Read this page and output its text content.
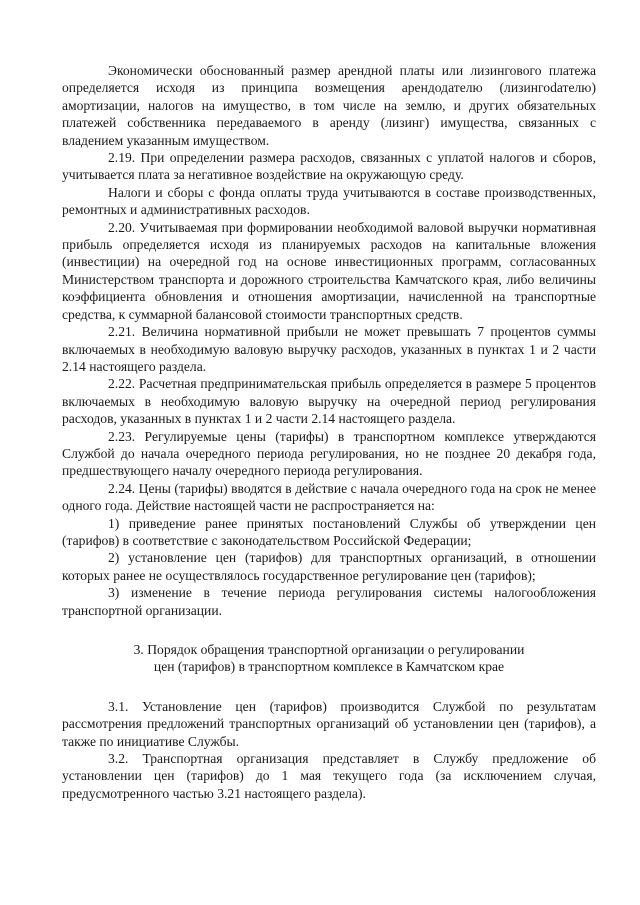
Экономически обоснованный размер арендной платы или лизингового платежа определяется исходя из принципа возмещения арендодателю (лизингоdателю) амортизации, налогов на имущество, в том числе на землю, и других обязательных платежей собственника передаваемого в аренду (лизинг) имущества, связанных с владением указанным имуществом.

2.19. При определении размера расходов, связанных с уплатой налогов и сборов, учитывается плата за негативное воздействие на окружающую среду.

Налоги и сборы с фонда оплаты труда учитываются в составе производственных, ремонтных и административных расходов.

2.20. Учитываемая при формировании необходимой валовой выручки нормативная прибыль определяется исходя из планируемых расходов на капитальные вложения (инвестиции) на очередной год на основе инвестиционных программ, согласованных Министерством транспорта и дорожного строительства Камчатского края, либо величины коэффициента обновления и отношения амортизации, начисленной на транспортные средства, к суммарной балансовой стоимости транспортных средств.

2.21. Величина нормативной прибыли не может превышать 7 процентов суммы включаемых в необходимую валовую выручку расходов, указанных в пунктах 1 и 2 части 2.14 настоящего раздела.

2.22. Расчетная предпринимательская прибыль определяется в размере 5 процентов включаемых в необходимую валовую выручку на очередной период регулирования расходов, указанных в пунктах 1 и 2 части 2.14 настоящего раздела.

2.23. Регулируемые цены (тарифы) в транспортном комплексе утверждаются Службой до начала очередного периода регулирования, но не позднее 20 декабря года, предшествующего началу очередного периода регулирования.

2.24. Цены (тарифы) вводятся в действие с начала очередного года на срок не менее одного года. Действие настоящей части не распространяется на:

1) приведение ранее принятых постановлений Службы об утверждении цен (тарифов) в соответствие с законодательством Российской Федерации;

2) установление цен (тарифов) для транспортных организаций, в отношении которых ранее не осуществлялось государственное регулирование цен (тарифов);

3) изменение в течение периода регулирования системы налогообложения транспортной организации.

3. Порядок обращения транспортной организации о регулировании

цен (тарифов) в транспортном комплексе в Камчатском крае

3.1. Установление цен (тарифов) производится Службой по результатам рассмотрения предложений транспортных организаций об установлении цен (тарифов), а также по инициативе Службы.

3.2. Транспортная организация представляет в Службу предложение об установлении цен (тарифов) до 1 мая текущего года (за исключением случая, предусмотренного частью 3.21 настоящего раздела).
